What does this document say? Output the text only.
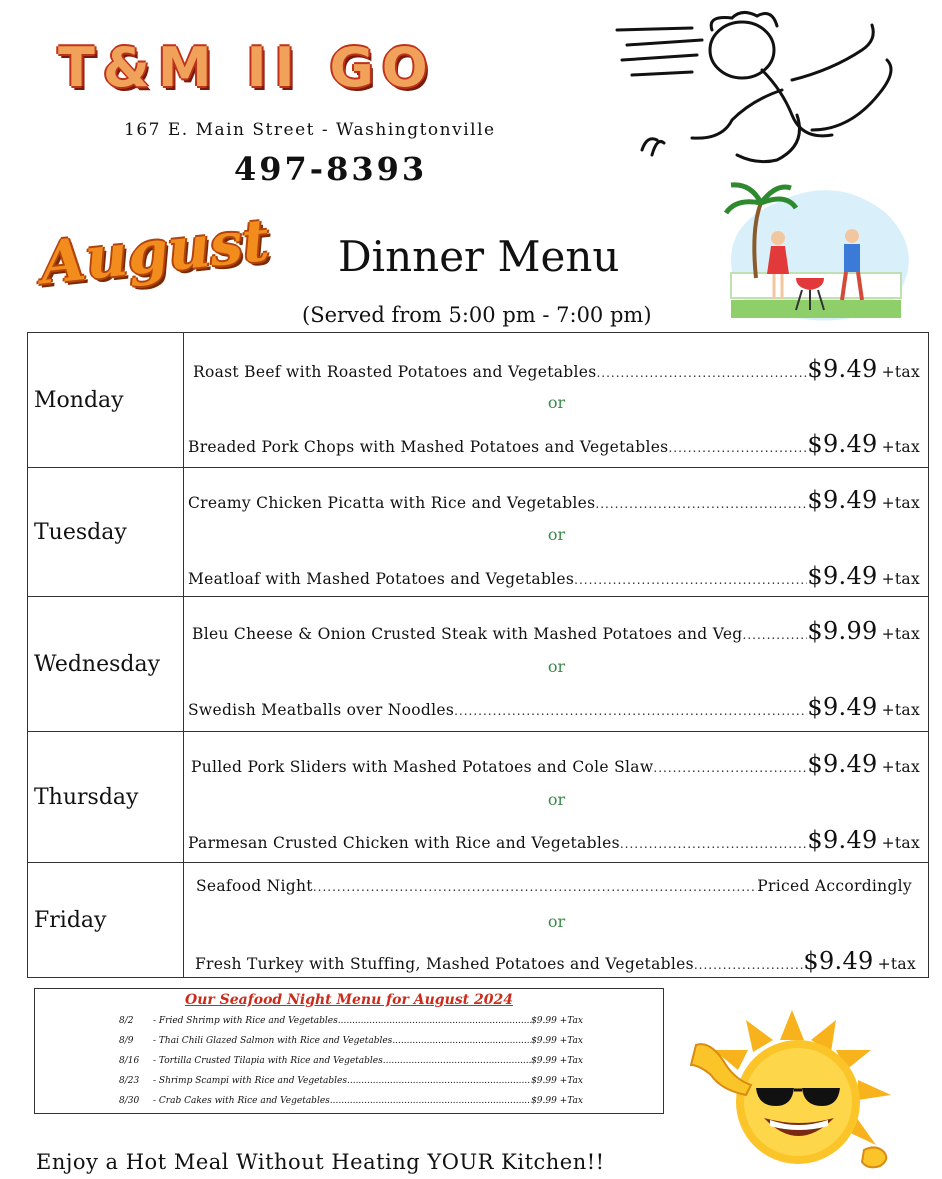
T&M II GO
167 E. Main Street - Washingtonville
497-8393
August	Dinner Menu
(Served from 5:00 pm - 7:00 pm)
Monday
Roast Beef with Roasted Potatoes and Vegetables .....	$9.49 +tax
or
Breaded Pork Chops with Mashed Potatoes and Vegetables .....	$9.49 +tax
Tuesday
Creamy Chicken Picatta with Rice and Vegetables .....	$9.49 +tax
or
Meatloaf with Mashed Potatoes and Vegetables .....	$9.49 +tax
Wednesday
Bleu Cheese & Onion Crusted Steak with Mashed Potatoes and Veg .....	$9.99 +tax
or
Swedish Meatballs over Noodles .....	$9.49 +tax
Thursday
Pulled Pork Sliders with Mashed Potatoes and Cole Slaw .....	$9.49 +tax
or
Parmesan Crusted Chicken with Rice and Vegetables .....	$9.49 +tax
Friday
Seafood Night .....	Priced Accordingly
or
Fresh Turkey with Stuffing, Mashed Potatoes and Vegetables .....	$9.49 +tax
Our Seafood Night Menu for August 2024
8/2	- Fried Shrimp with Rice and Vegetables .....	$9.99 +Tax
8/9	- Thai Chili Glazed Salmon with Rice and Vegetables .....	$9.99 +Tax
8/16	- Tortilla Crusted Tilapia with Rice and Vegetables .....	$9.99 +Tax
8/23	- Shrimp Scampi with Rice and Vegetables .....	$9.99 +Tax
8/30	- Crab Cakes with Rice and Vegetables .....	$9.99 +Tax
Enjoy a Hot Meal Without Heating YOUR Kitchen!!
